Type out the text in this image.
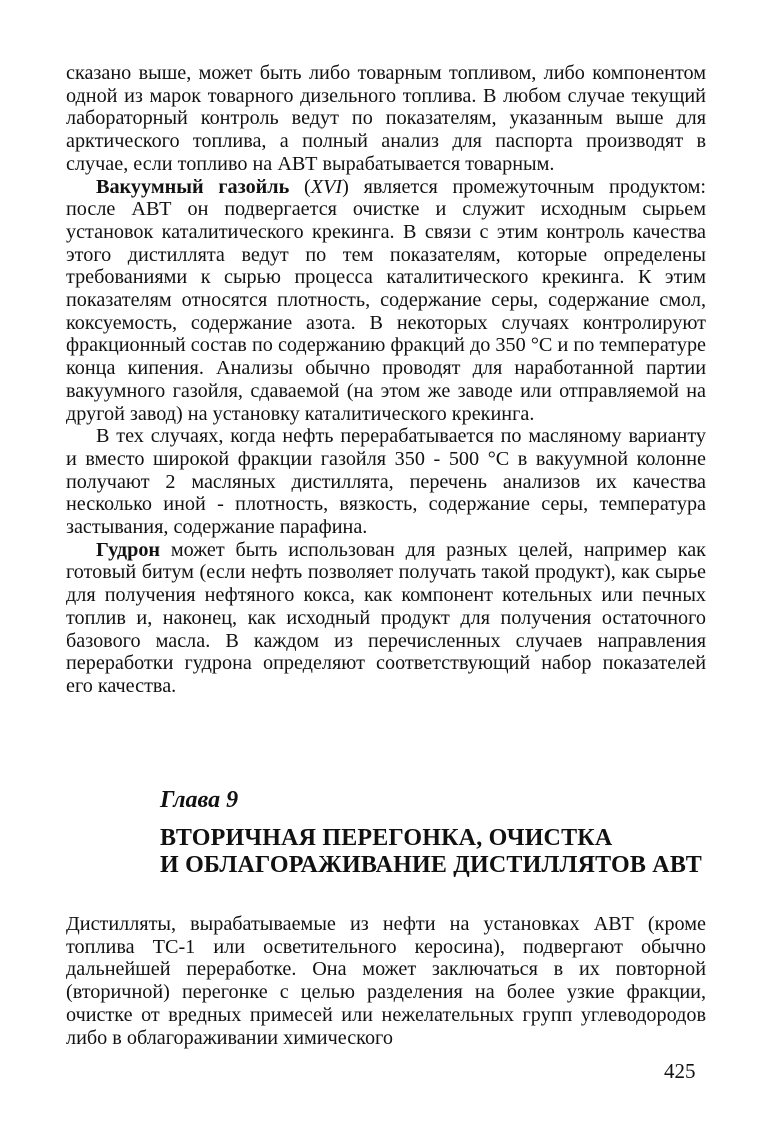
сказано выше, может быть либо товарным топливом, либо компонентом одной из марок товарного дизельного топлива. В любом случае текущий лабораторный контроль ведут по показателям, указанным выше для арктического топлива, а полный анализ для паспорта производят в случае, если топливо на АВТ вырабатывается товарным.

Вакуумный газойль (XVI) является промежуточным продуктом: после АВТ он подвергается очистке и служит исходным сырьем установок каталитического крекинга. В связи с этим контроль качества этого дистиллята ведут по тем показателям, которые определены требованиями к сырью процесса каталитического крекинга. К этим показателям относятся плотность, содержание серы, содержание смол, коксуемость, содержание азота. В некоторых случаях контролируют фракционный состав по содержанию фракций до 350 °С и по температуре конца кипения. Анализы обычно проводят для наработанной партии вакуумного газойля, сдаваемой (на этом же заводе или отправляемой на другой завод) на установку каталитического крекинга.

В тех случаях, когда нефть перерабатывается по масляному варианту и вместо широкой фракции газойля 350 - 500 °С в вакуумной колонне получают 2 масляных дистиллята, перечень анализов их качества несколько иной - плотность, вязкость, содержание серы, температура застывания, содержание парафина.

Гудрон может быть использован для разных целей, например как готовый битум (если нефть позволяет получать такой продукт), как сырье для получения нефтяного кокса, как компонент котельных или печных топлив и, наконец, как исходный продукт для получения остаточного базового масла. В каждом из перечисленных случаев направления переработки гудрона определяют соответствующий набор показателей его качества.

Глава 9
ВТОРИЧНАЯ ПЕРЕГОНКА, ОЧИСТКА
И ОБЛАГОРАЖИВАНИЕ ДИСТИЛЛЯТОВ АВТ

Дистилляты, вырабатываемые из нефти на установках АВТ (кроме топлива ТС-1 или осветительного керосина), подвергают обычно дальнейшей переработке. Она может заключаться в их повторной (вторичной) перегонке с целью разделения на более узкие фракции, очистке от вредных примесей или нежелательных групп углеводородов либо в облагораживании химического

425
